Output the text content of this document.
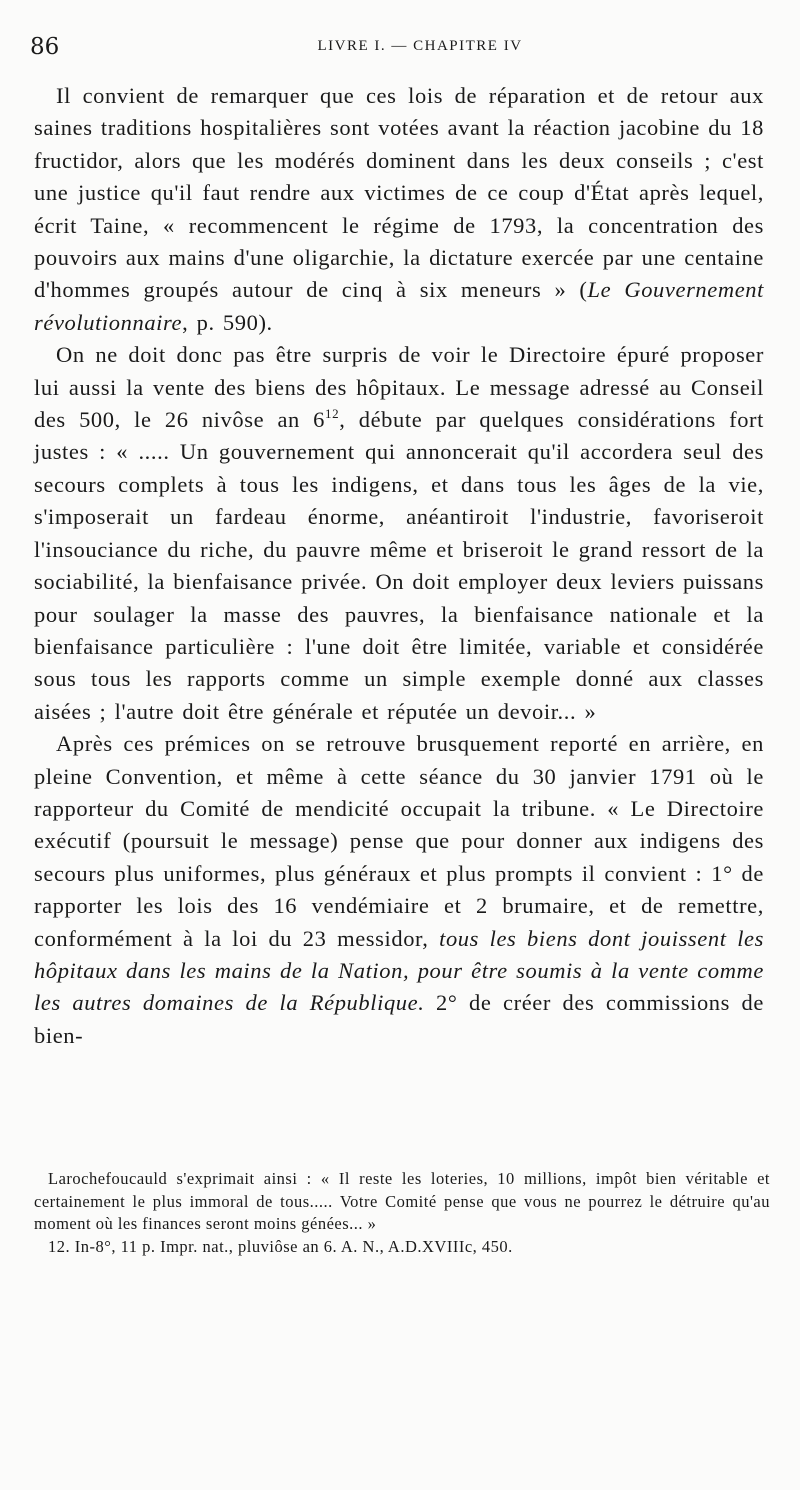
86	LIVRE I. — CHAPITRE IV

Il convient de remarquer que ces lois de réparation et de retour aux saines traditions hospitalières sont votées avant la réaction jacobine du 18 fructidor, alors que les modérés dominent dans les deux conseils ; c'est une justice qu'il faut rendre aux victimes de ce coup d'État après lequel, écrit Taine, « recommencent le régime de 1793, la concentration des pouvoirs aux mains d'une oligarchie, la dictature exercée par une centaine d'hommes groupés autour de cinq à six meneurs » (Le Gouvernement révolutionnaire, p. 590).

On ne doit donc pas être surpris de voir le Directoire épuré proposer lui aussi la vente des biens des hôpitaux. Le message adressé au Conseil des 500, le 26 nivôse an $6^{12}$, débute par quelques considérations fort justes : « ..... Un gouvernement qui annoncerait qu'il accordera seul des secours complets à tous les indigens, et dans tous les âges de la vie, s'imposerait un fardeau énorme, anéantiroit l'industrie, favoriseroit l'insouciance du riche, du pauvre même et briseroit le grand ressort de la sociabilité, la bienfaisance privée. On doit employer deux leviers puissans pour soulager la masse des pauvres, la bienfaisance nationale et la bienfaisance particulière : l'une doit être limitée, variable et considérée sous tous les rapports comme un simple exemple donné aux classes aisées ; l'autre doit être générale et réputée un devoir... »

Après ces prémices on se retrouve brusquement reporté en arrière, en pleine Convention, et même à cette séance du 30 janvier 1791 où le rapporteur du Comité de mendicité occupait la tribune. « Le Directoire exécutif (poursuit le message) pense que pour donner aux indigens des secours plus uniformes, plus généraux et plus prompts il convient : 1° de rapporter les lois des 16 vendémiaire et 2 brumaire, et de remettre, conformément à la loi du 23 messidor, tous les biens dont jouissent les hôpitaux dans les mains de la Nation, pour être soumis à la vente comme les autres domaines de la République. 2° de créer des commissions de bien-

Larochefoucauld s'exprimait ainsi : « Il reste les loteries, 10 millions, impôt bien véritable et certainement le plus immoral de tous..... Votre Comité pense que vous ne pourrez le détruire qu'au moment où les finances seront moins génées... »

12. In-8°, 11 p. Impr. nat., pluviôse an 6. A. N., A.D.XVIIIc, 450.
